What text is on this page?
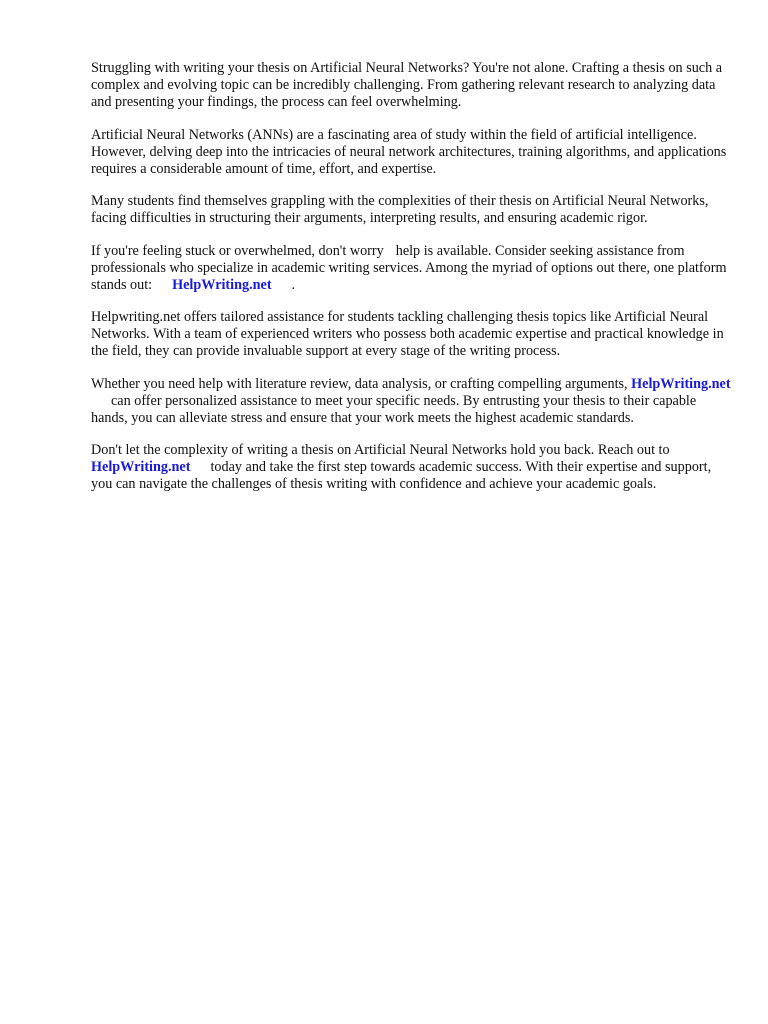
Struggling with writing your thesis on Artificial Neural Networks? You're not alone. Crafting a thesis on such a complex and evolving topic can be incredibly challenging. From gathering relevant research to analyzing data and presenting your findings, the process can feel overwhelming.

Artificial Neural Networks (ANNs) are a fascinating area of study within the field of artificial intelligence. However, delving deep into the intricacies of neural network architectures, training algorithms, and applications requires a considerable amount of time, effort, and expertise.

Many students find themselves grappling with the complexities of their thesis on Artificial Neural Networks, facing difficulties in structuring their arguments, interpreting results, and ensuring academic rigor.

If you're feeling stuck or overwhelmed, don't worry help is available. Consider seeking assistance from professionals who specialize in academic writing services. Among the myriad of options out there, one platform stands out: HelpWriting.net .

Helpwriting.net offers tailored assistance for students tackling challenging thesis topics like Artificial Neural Networks. With a team of experienced writers who possess both academic expertise and practical knowledge in the field, they can provide invaluable support at every stage of the writing process.

Whether you need help with literature review, data analysis, or crafting compelling arguments, HelpWriting.netcan offer personalized assistance to meet your specific needs. By entrusting your thesis to their capable hands, you can alleviate stress and ensure that your work meets the highest academic standards.

Don't let the complexity of writing a thesis on Artificial Neural Networks hold you back. Reach out toHelpWriting.net today and take the first step towards academic success. With their expertise and support, you can navigate the challenges of thesis writing with confidence and achieve your academic goals.
